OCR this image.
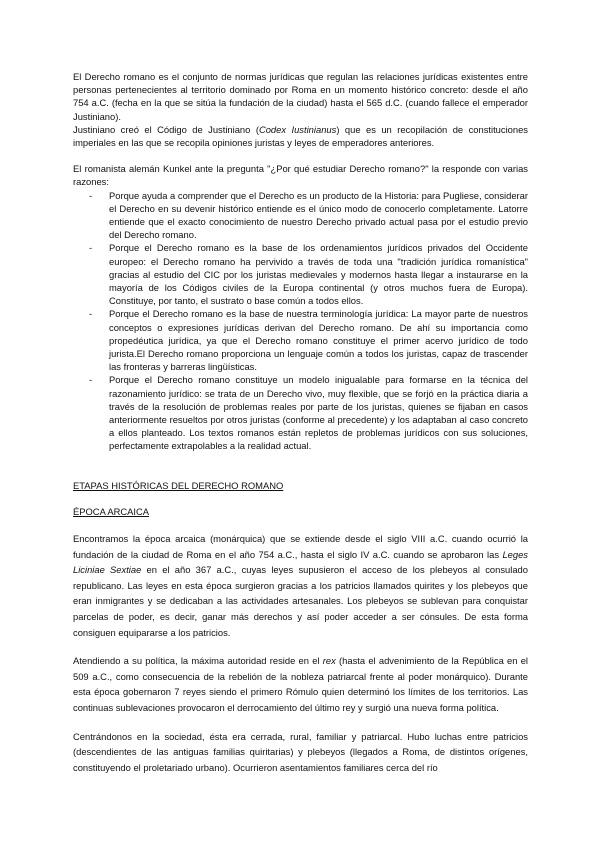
El Derecho romano es el conjunto de normas jurídicas que regulan las relaciones jurídicas existentes entre personas pertenecientes al territorio dominado por Roma en un momento histórico concreto: desde el año 754 a.C. (fecha en la que se sitúa la fundación de la ciudad) hasta el 565 d.C. (cuando fallece el emperador Justiniano).

Justiniano creó el Código de Justiniano (Codex Iustinianus) que es un recopilación de constituciones imperiales en las que se recopila opiniones juristas y leyes de emperadores anteriores.

El romanista alemán Kunkel ante la pregunta "¿Por qué estudiar Derecho romano?" la responde con varias razones:

- Porque ayuda a comprender que el Derecho es un producto de la Historia: para Pugliese, considerar el Derecho en su devenir histórico entiende es el único modo de conocerlo completamente. Latorre entiende que el exacto conocimiento de nuestro Derecho privado actual pasa por el estudio previo del Derecho romano.
- Porque el Derecho romano es la base de los ordenamientos jurídicos privados del Occidente europeo: el Derecho romano ha pervivido a través de toda una "tradición jurídica romanística" gracias al estudio del CIC por los juristas medievales y modernos hasta llegar a instaurarse en la mayoría de los Códigos civiles de la Europa continental (y otros muchos fuera de Europa). Constituye, por tanto, el sustrato o base común a todos ellos.
- Porque el Derecho romano es la base de nuestra terminología jurídica: La mayor parte de nuestros conceptos o expresiones jurídicas derivan del Derecho romano. De ahí su importancia como propedéutica jurídica, ya que el Derecho romano constituye el primer acervo jurídico de todo jurista.El Derecho romano proporciona un lenguaje común a todos los juristas, capaz de trascender las fronteras y barreras lingüísticas.
- Porque el Derecho romano constituye un modelo inigualable para formarse en la técnica del razonamiento jurídico: se trata de un Derecho vivo, muy flexible, que se forjó en la práctica diaria a través de la resolución de problemas reales por parte de los juristas, quienes se fijaban en casos anteriormente resueltos por otros juristas (conforme al precedente) y los adaptaban al caso concreto a ellos planteado. Los textos romanos están repletos de problemas jurídicos con sus soluciones, perfectamente extrapolables a la realidad actual.

ETAPAS HISTÓRICAS DEL DERECHO ROMANO

ÉPOCA ARCAICA

Encontramos la época arcaica (monárquica) que se extiende desde el siglo VIII a.C. cuando ocurrió la fundación de la ciudad de Roma en el año 754 a.C., hasta el siglo IV a.C. cuando se aprobaron las Leges Liciniae Sextiae en el año 367 a.C., cuyas leyes supusieron el acceso de los plebeyos al consulado republicano. Las leyes en esta época surgieron gracias a los patricios llamados quirites y los plebeyos que eran inmigrantes y se dedicaban a las actividades artesanales. Los plebeyos se sublevan para conquistar parcelas de poder, es decir, ganar más derechos y así poder acceder a ser cónsules. De esta forma consiguen equipararse a los patricios.

Atendiendo a su política, la máxima autoridad reside en el rex (hasta el advenimiento de la República en el 509 a.C., como consecuencia de la rebelión de la nobleza patriarcal frente al poder monárquico). Durante esta época gobernaron 7 reyes siendo el primero Rómulo quien determinó los límites de los territorios. Las continuas sublevaciones provocaron el derrocamiento del último rey y surgió una nueva forma política.

Centrándonos en la sociedad, ésta era cerrada, rural, familiar y patriarcal. Hubo luchas entre patricios (descendientes de las antiguas familias quiritarias) y plebeyos (llegados a Roma, de distintos orígenes, constituyendo el proletariado urbano). Ocurrieron asentamientos familiares cerca del río
